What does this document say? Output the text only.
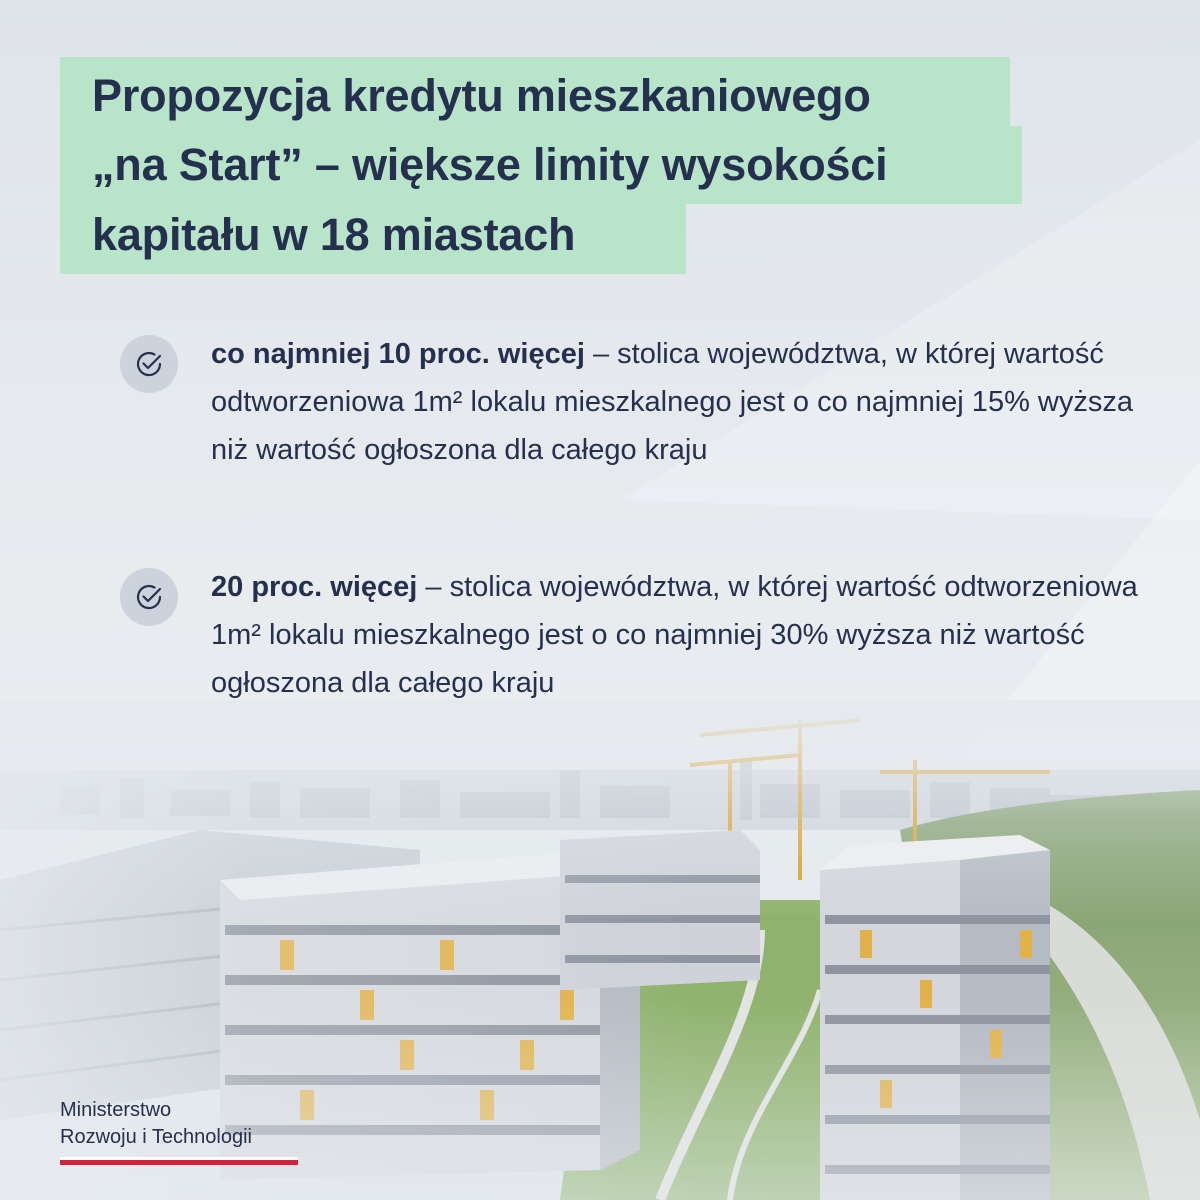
Propozycja kredytu mieszkaniowego
„na Start” – większe limity wysokości
kapitału w 18 miastach
co najmniej 10 proc. więcej – stolica województwa, w której wartość odtworzeniowa 1m² lokalu mieszkalnego jest o co najmniej 15% wyższa niż wartość ogłoszona dla całego kraju
20 proc. więcej – stolica województwa, w której wartość odtworzeniowa 1m² lokalu mieszkalnego jest o co najmniej 30% wyższa niż wartość ogłoszona dla całego kraju
Ministerstwo
Rozwoju i Technologii
